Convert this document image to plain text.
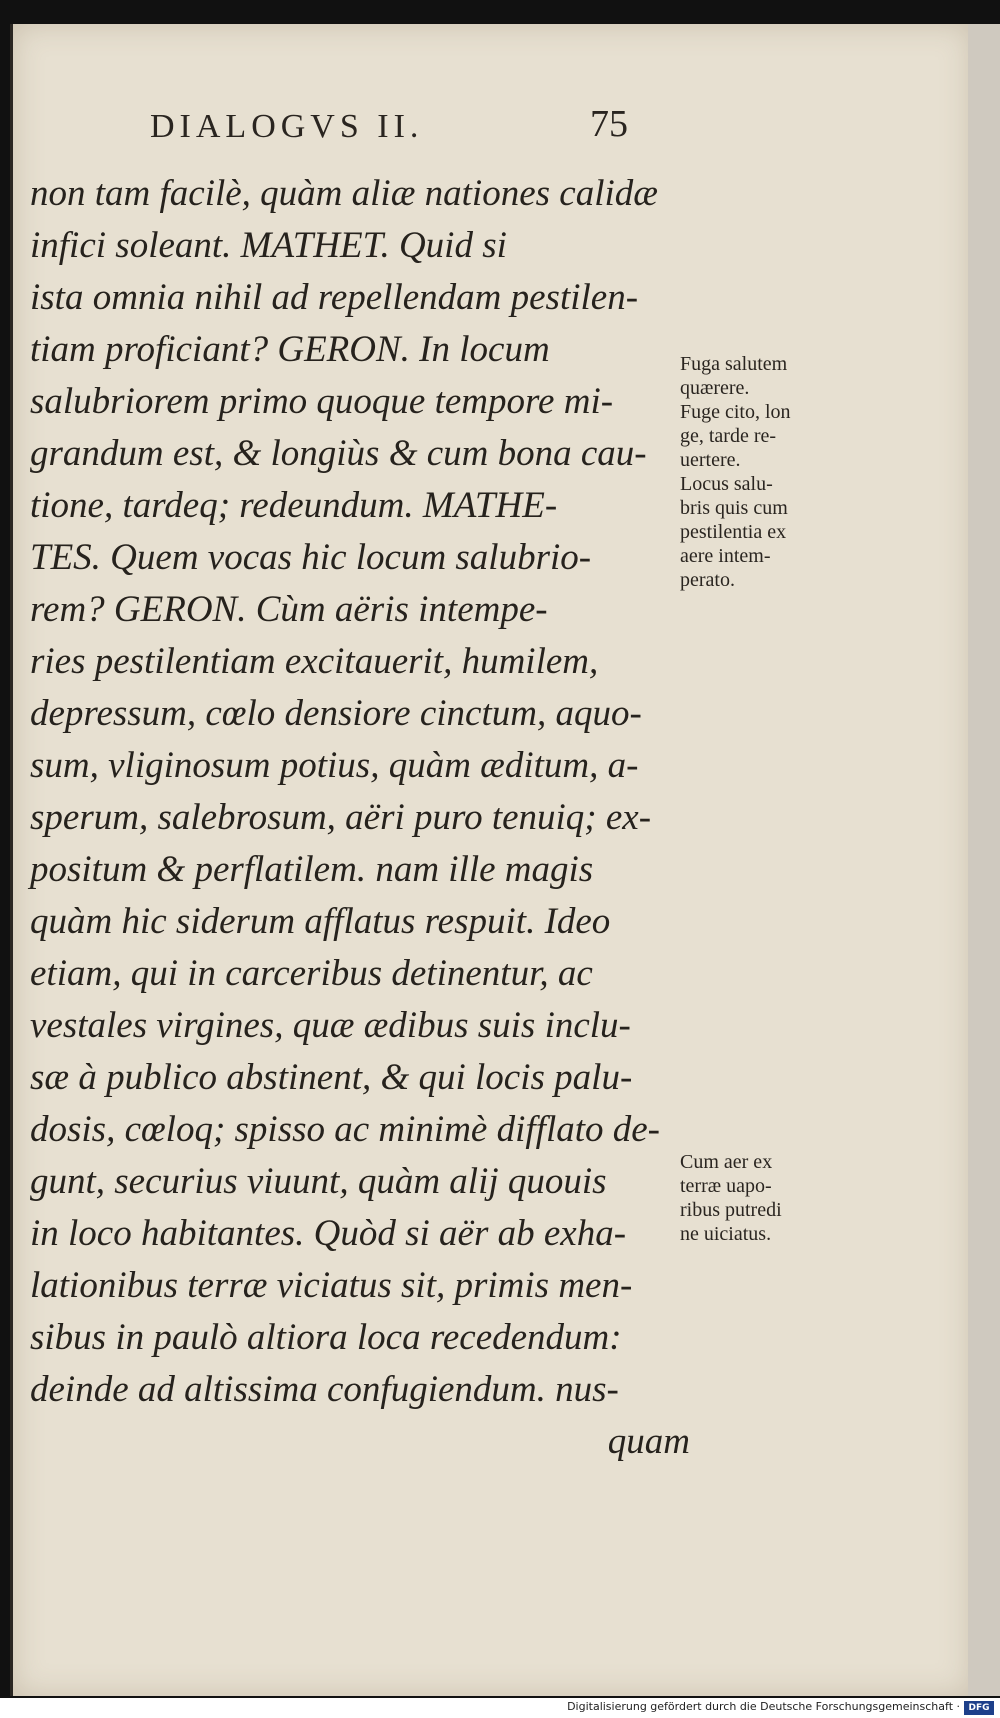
DIALOGVS II.	75
non tam facilè, quàm aliæ nationes calidæ
infici soleant. MATHET. Quid si
ista omnia nihil ad repellendam pestilen-
tiam proficiant? GERON. In locum
salubriorem primo quoque tempore mi-
grandum est, & longiùs & cum bona cau-
tione, tardeq; redeundum. MATHE-
TES. Quem vocas hic locum salubrio-
rem? GERON. Cùm aëris intempe-
ries pestilentiam excitauerit, humilem,
depressum, cœlo densiore cinctum, aquo-
sum, vliginosum potius, quàm æditum, a-
sperum, salebrosum, aëri puro tenuiq; ex-
positum & perflatilem. nam ille magis
quàm hic siderum afflatus respuit. Ideo
etiam, qui in carceribus detinentur, ac
vestales virgines, quæ ædibus suis inclu-
sæ à publico abstinent, & qui locis palu-
dosis, cœloq; spisso ac minimè difflato de-
gunt, securius viuunt, quàm alij quouis
in loco habitantes. Quòd si aër ab exha-
lationibus terræ viciatus sit, primis men-
sibus in paulò altiora loca recedendum:
deinde ad altissima confugiendum. nus-
quam
Fuga salutem
quærere.
Fuge cito, lon
ge, tarde re-
uertere.
Locus salu-
bris quis cum
pestilentia ex
aere intem-
perato.
Cum aer ex
terræ uapo-
ribus putredi
ne uiciatus.
Digitalisierung gefördert durch die Deutsche Forschungsgemeinschaft · DFG
